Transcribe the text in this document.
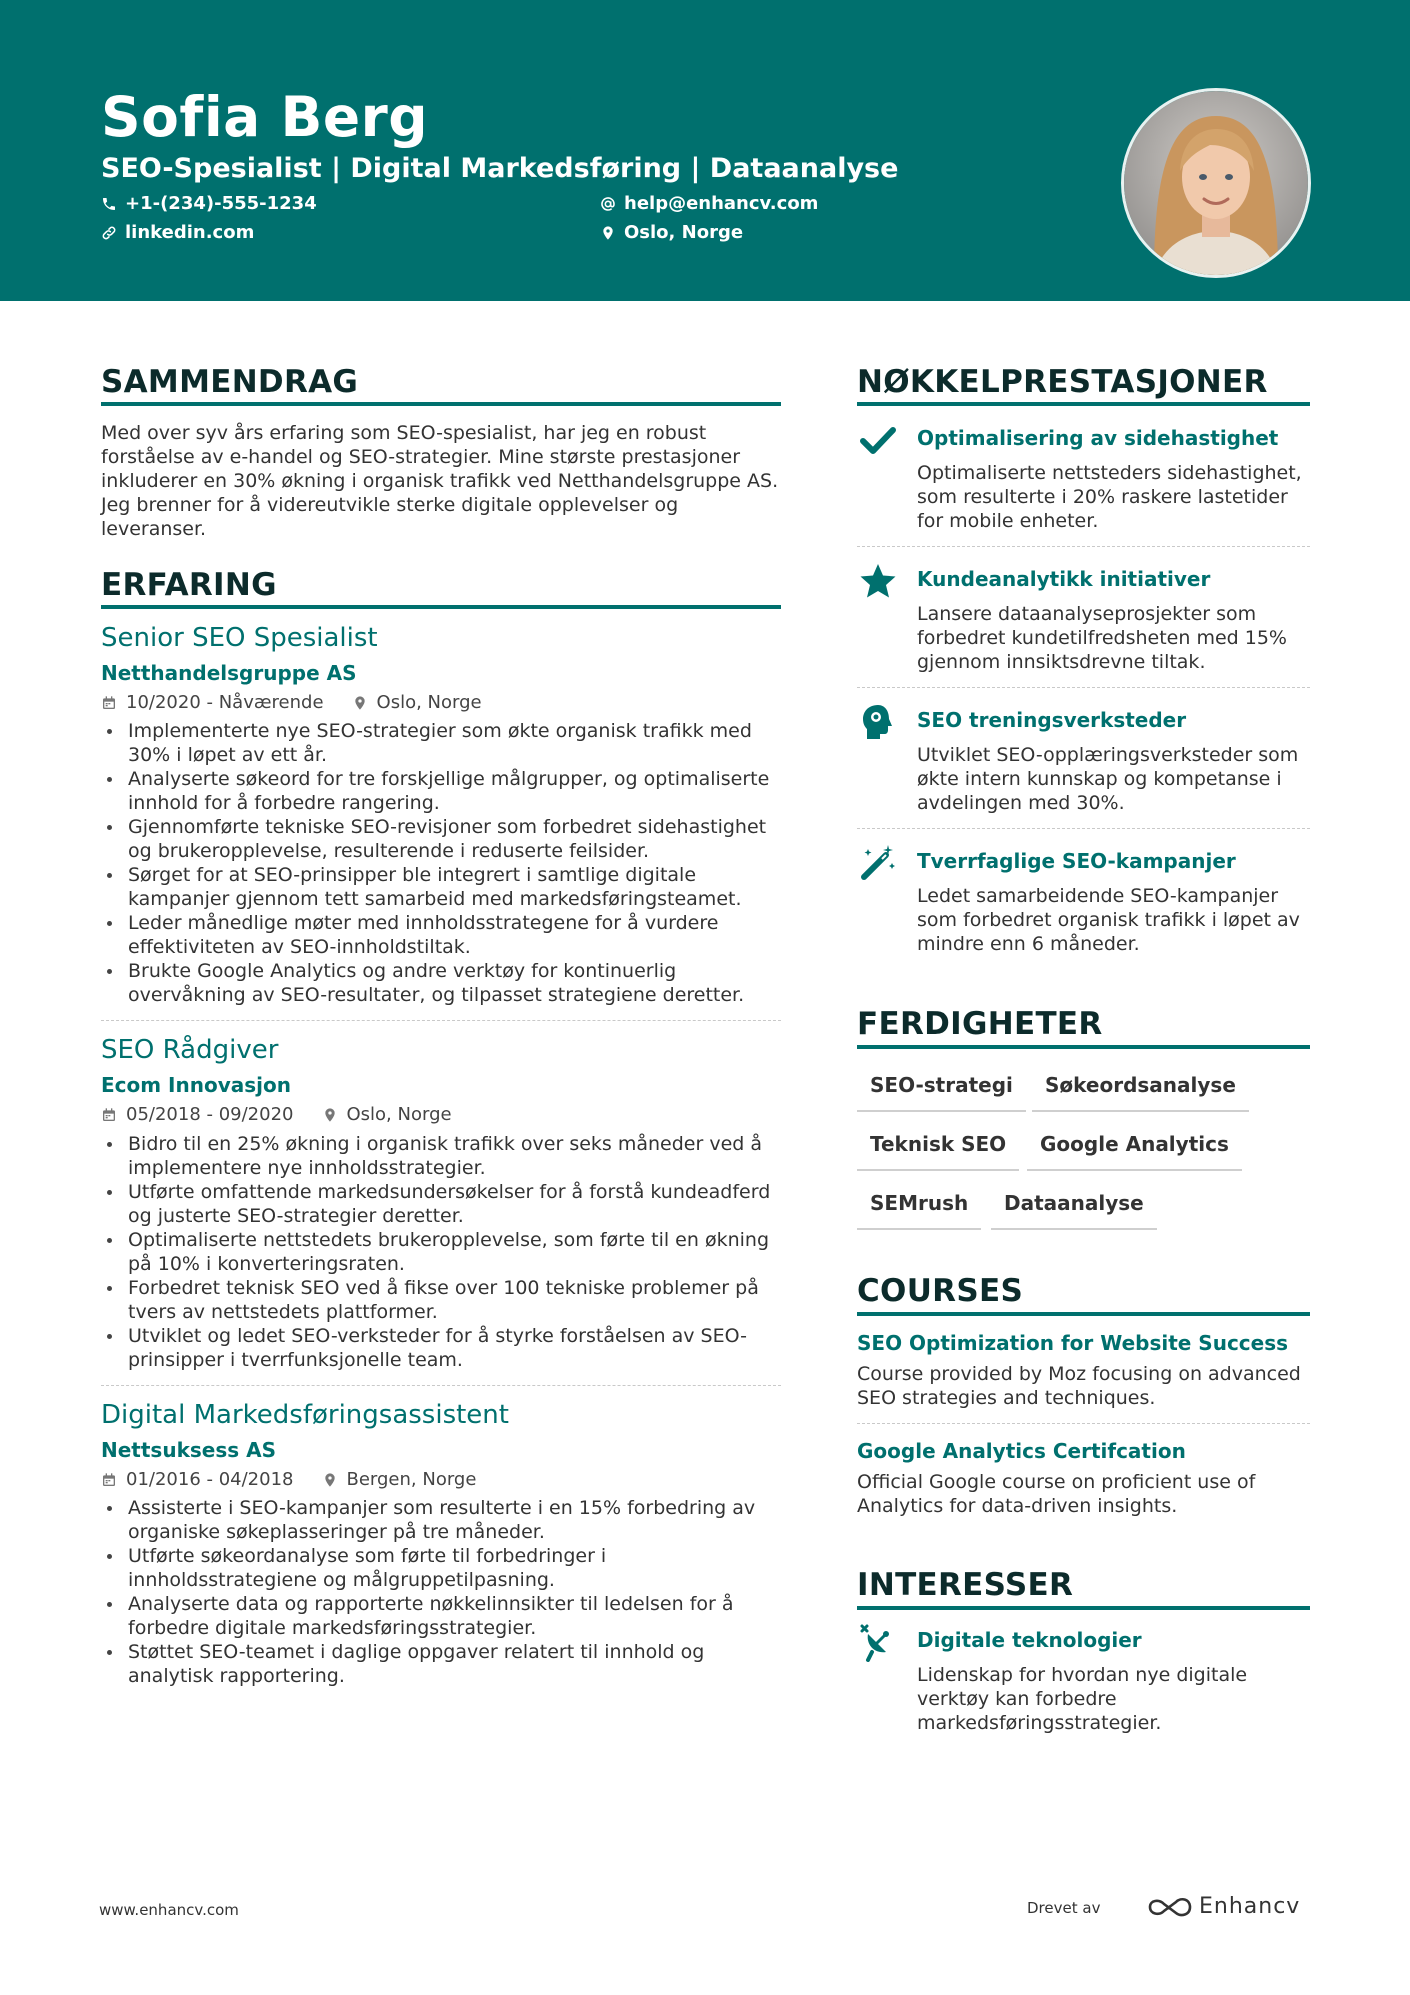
Sofia Berg
SEO-Spesialist | Digital Markedsføring | Dataanalyse
+1-(234)-555-1234	help@enhancv.com
linkedin.com	Oslo, Norge
SAMMENDRAG
Med over syv års erfaring som SEO-spesialist, har jeg en robust forståelse av e-handel og SEO-strategier. Mine største prestasjoner inkluderer en 30% økning i organisk trafikk ved Netthandelsgruppe AS. Jeg brenner for å videreutvikle sterke digitale opplevelser og leveranser.
ERFARING
Senior SEO Spesialist
Netthandelsgruppe AS
10/2020 - Nåværende	Oslo, Norge
Implementerte nye SEO-strategier som økte organisk trafikk med 30% i løpet av ett år.
Analyserte søkeord for tre forskjellige målgrupper, og optimaliserte innhold for å forbedre rangering.
Gjennomførte tekniske SEO-revisjoner som forbedret sidehastighet og brukeropplevelse, resulterende i reduserte feilsider.
Sørget for at SEO-prinsipper ble integrert i samtlige digitale kampanjer gjennom tett samarbeid med markedsføringsteamet.
Leder månedlige møter med innholdsstrategene for å vurdere effektiviteten av SEO-innholdstiltak.
Brukte Google Analytics og andre verktøy for kontinuerlig overvåkning av SEO-resultater, og tilpasset strategiene deretter.
SEO Rådgiver
Ecom Innovasjon
05/2018 - 09/2020	Oslo, Norge
Bidro til en 25% økning i organisk trafikk over seks måneder ved å implementere nye innholdsstrategier.
Utførte omfattende markedsundersøkelser for å forstå kundeadferd og justerte SEO-strategier deretter.
Optimaliserte nettstedets brukeropplevelse, som førte til en økning på 10% i konverteringsraten.
Forbedret teknisk SEO ved å fikse over 100 tekniske problemer på tvers av nettstedets plattformer.
Utviklet og ledet SEO-verksteder for å styrke forståelsen av SEO-prinsipper i tverrfunksjonelle team.
Digital Markedsføringsassistent
Nettsuksess AS
01/2016 - 04/2018	Bergen, Norge
Assisterte i SEO-kampanjer som resulterte i en 15% forbedring av organiske søkeplasseringer på tre måneder.
Utførte søkeordanalyse som førte til forbedringer i innholdsstrategiene og målgruppetilpasning.
Analyserte data og rapporterte nøkkelinnsikter til ledelsen for å forbedre digitale markedsføringsstrategier.
Støttet SEO-teamet i daglige oppgaver relatert til innhold og analytisk rapportering.
NØKKELPRESTASJONER
Optimalisering av sidehastighet
Optimaliserte nettsteders sidehastighet, som resulterte i 20% raskere lastetider for mobile enheter.
Kundeanalytikk initiativer
Lansere dataanalyseprosjekter som forbedret kundetilfredsheten med 15% gjennom innsiktsdrevne tiltak.
SEO treningsverksteder
Utviklet SEO-opplæringsverksteder som økte intern kunnskap og kompetanse i avdelingen med 30%.
Tverrfaglige SEO-kampanjer
Ledet samarbeidende SEO-kampanjer som forbedret organisk trafikk i løpet av mindre enn 6 måneder.
FERDIGHETER
SEO-strategi	Søkeordsanalyse
Teknisk SEO	Google Analytics
SEMrush	Dataanalyse
COURSES
SEO Optimization for Website Success
Course provided by Moz focusing on advanced SEO strategies and techniques.
Google Analytics Certifcation
Official Google course on proficient use of Analytics for data-driven insights.
INTERESSER
Digitale teknologier
Lidenskap for hvordan nye digitale verktøy kan forbedre markedsføringsstrategier.
www.enhancv.com	Drevet av	Enhancv
